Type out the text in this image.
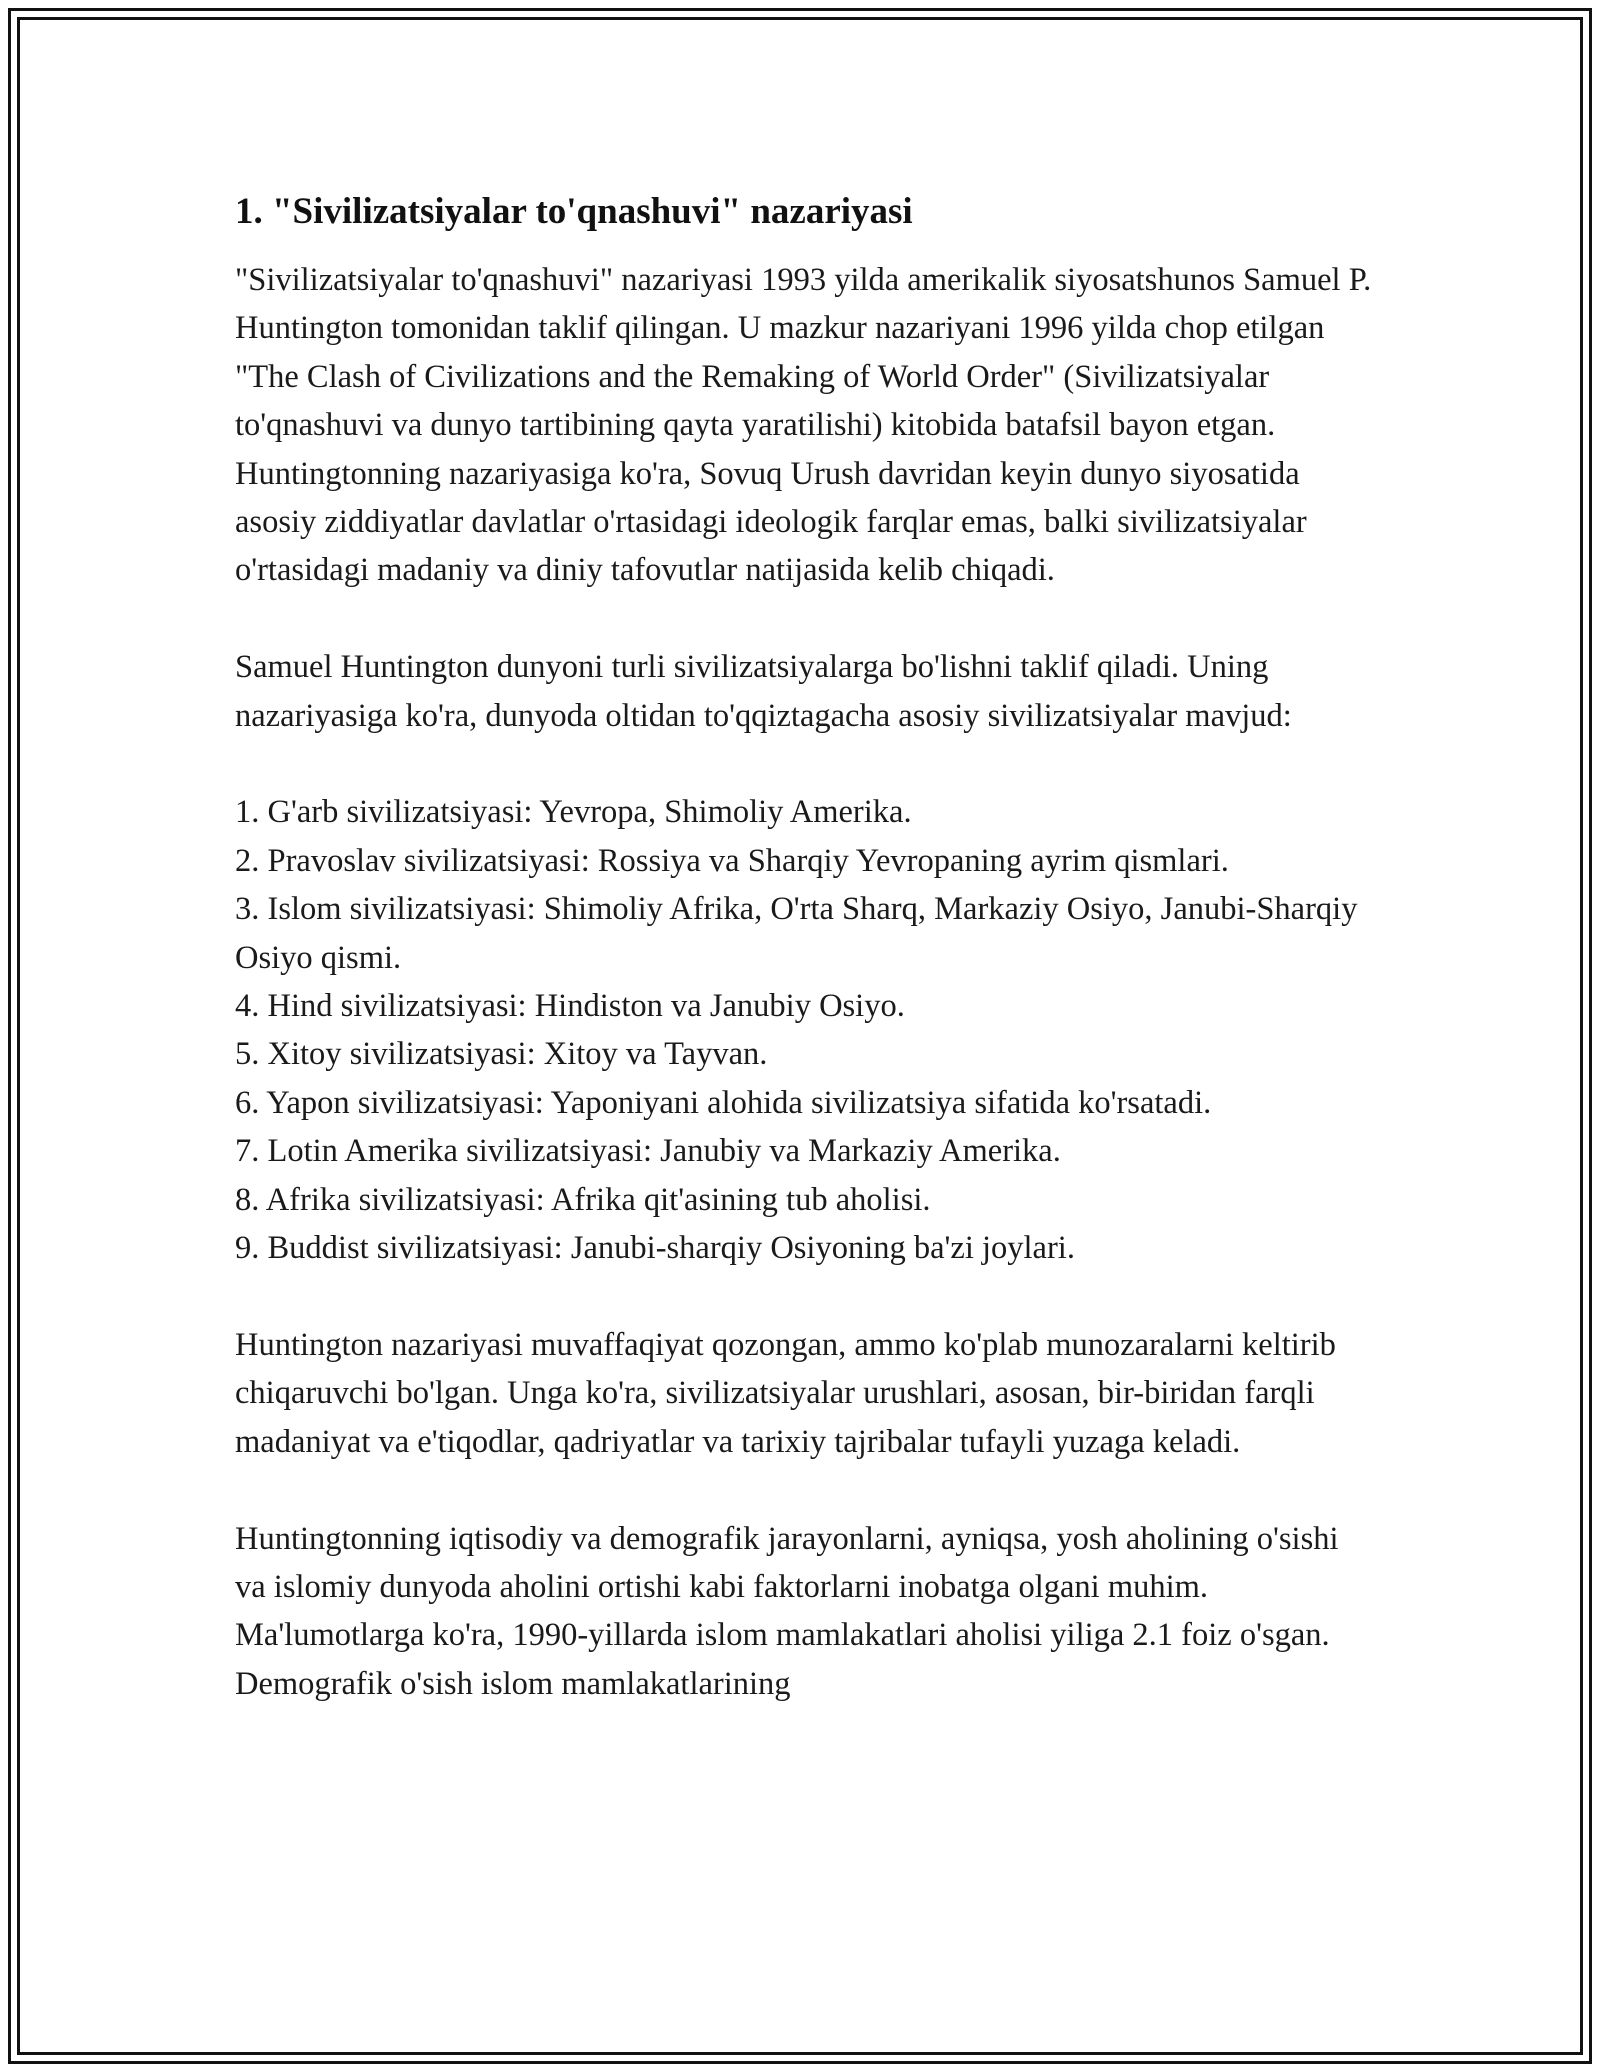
1. "Sivilizatsiyalar to'qnashuvi" nazariyasi

"Sivilizatsiyalar to'qnashuvi" nazariyasi 1993 yilda amerikalik siyosatshunos Samuel P. Huntington tomonidan taklif qilingan. U mazkur nazariyani 1996 yilda chop etilgan "The Clash of Civilizations and the Remaking of World Order" (Sivilizatsiyalar to'qnashuvi va dunyo tartibining qayta yaratilishi) kitobida batafsil bayon etgan. Huntingtonning nazariyasiga ko'ra, Sovuq Urush davridan keyin dunyo siyosatida asosiy ziddiyatlar davlatlar o'rtasidagi ideologik farqlar emas, balki sivilizatsiyalar o'rtasidagi madaniy va diniy tafovutlar natijasida kelib chiqadi.

Samuel Huntington dunyoni turli sivilizatsiyalarga bo'lishni taklif qiladi. Uning nazariyasiga ko'ra, dunyoda oltidan to'qqiztagacha asosiy sivilizatsiyalar mavjud:

1. G'arb sivilizatsiyasi: Yevropa, Shimoliy Amerika.
2. Pravoslav sivilizatsiyasi: Rossiya va Sharqiy Yevropaning ayrim qismlari.
3. Islom sivilizatsiyasi: Shimoliy Afrika, O'rta Sharq, Markaziy Osiyo, Janubi-Sharqiy Osiyo qismi.
4. Hind sivilizatsiyasi: Hindiston va Janubiy Osiyo.
5. Xitoy sivilizatsiyasi: Xitoy va Tayvan.
6. Yapon sivilizatsiyasi: Yaponiyani alohida sivilizatsiya sifatida ko'rsatadi.
7. Lotin Amerika sivilizatsiyasi: Janubiy va Markaziy Amerika.
8. Afrika sivilizatsiyasi: Afrika qit'asining tub aholisi.
9. Buddist sivilizatsiyasi: Janubi-sharqiy Osiyoning ba'zi joylari.

Huntington nazariyasi muvaffaqiyat qozongan, ammo ko'plab munozaralarni keltirib chiqaruvchi bo'lgan. Unga ko'ra, sivilizatsiyalar urushlari, asosan, bir-biridan farqli madaniyat va e'tiqodlar, qadriyatlar va tarixiy tajribalar tufayli yuzaga keladi.

Huntingtonning iqtisodiy va demografik jarayonlarni, ayniqsa, yosh aholining o'sishi va islomiy dunyoda aholini ortishi kabi faktorlarni inobatga olgani muhim. Ma'lumotlarga ko'ra, 1990-yillarda islom mamlakatlari aholisi yiliga 2.1 foiz o'sgan. Demografik o'sish islom mamlakatlarining
